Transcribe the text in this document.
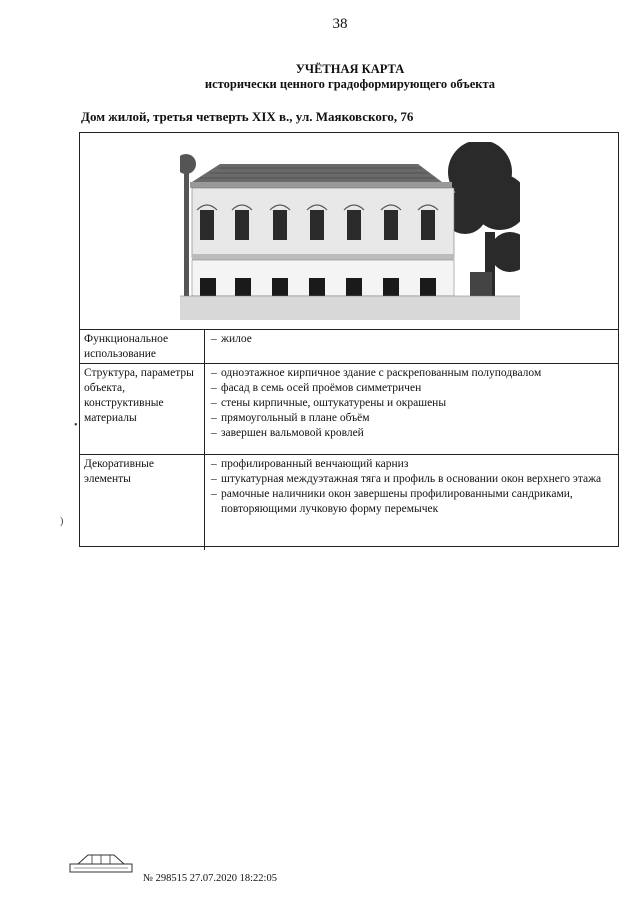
38
УЧЁТНАЯ КАРТА
исторически ценного градоформирующего объекта
Дом жилой, третья четверть XIX в., ул. Маяковского, 76
Функциональное использование
– жилое
Структура, параметры объекта, конструктивные материалы
– одноэтажное кирпичное здание с раскрепованным полуподвалом
– фасад в семь осей проёмов симметричен
– стены кирпичные, оштукатурены и окрашены
– прямоугольный в плане объём
– завершен вальмовой кровлей
Декоративные элементы
– профилированный венчающий карниз
– штукатурная междуэтажная тяга и профиль в основании окон верхнего этажа
– рамочные наличники окон завершены профилированными сандриками, повторяющими лучковую форму перемычек
•
)
№ 298515 27.07.2020 18:22:05
